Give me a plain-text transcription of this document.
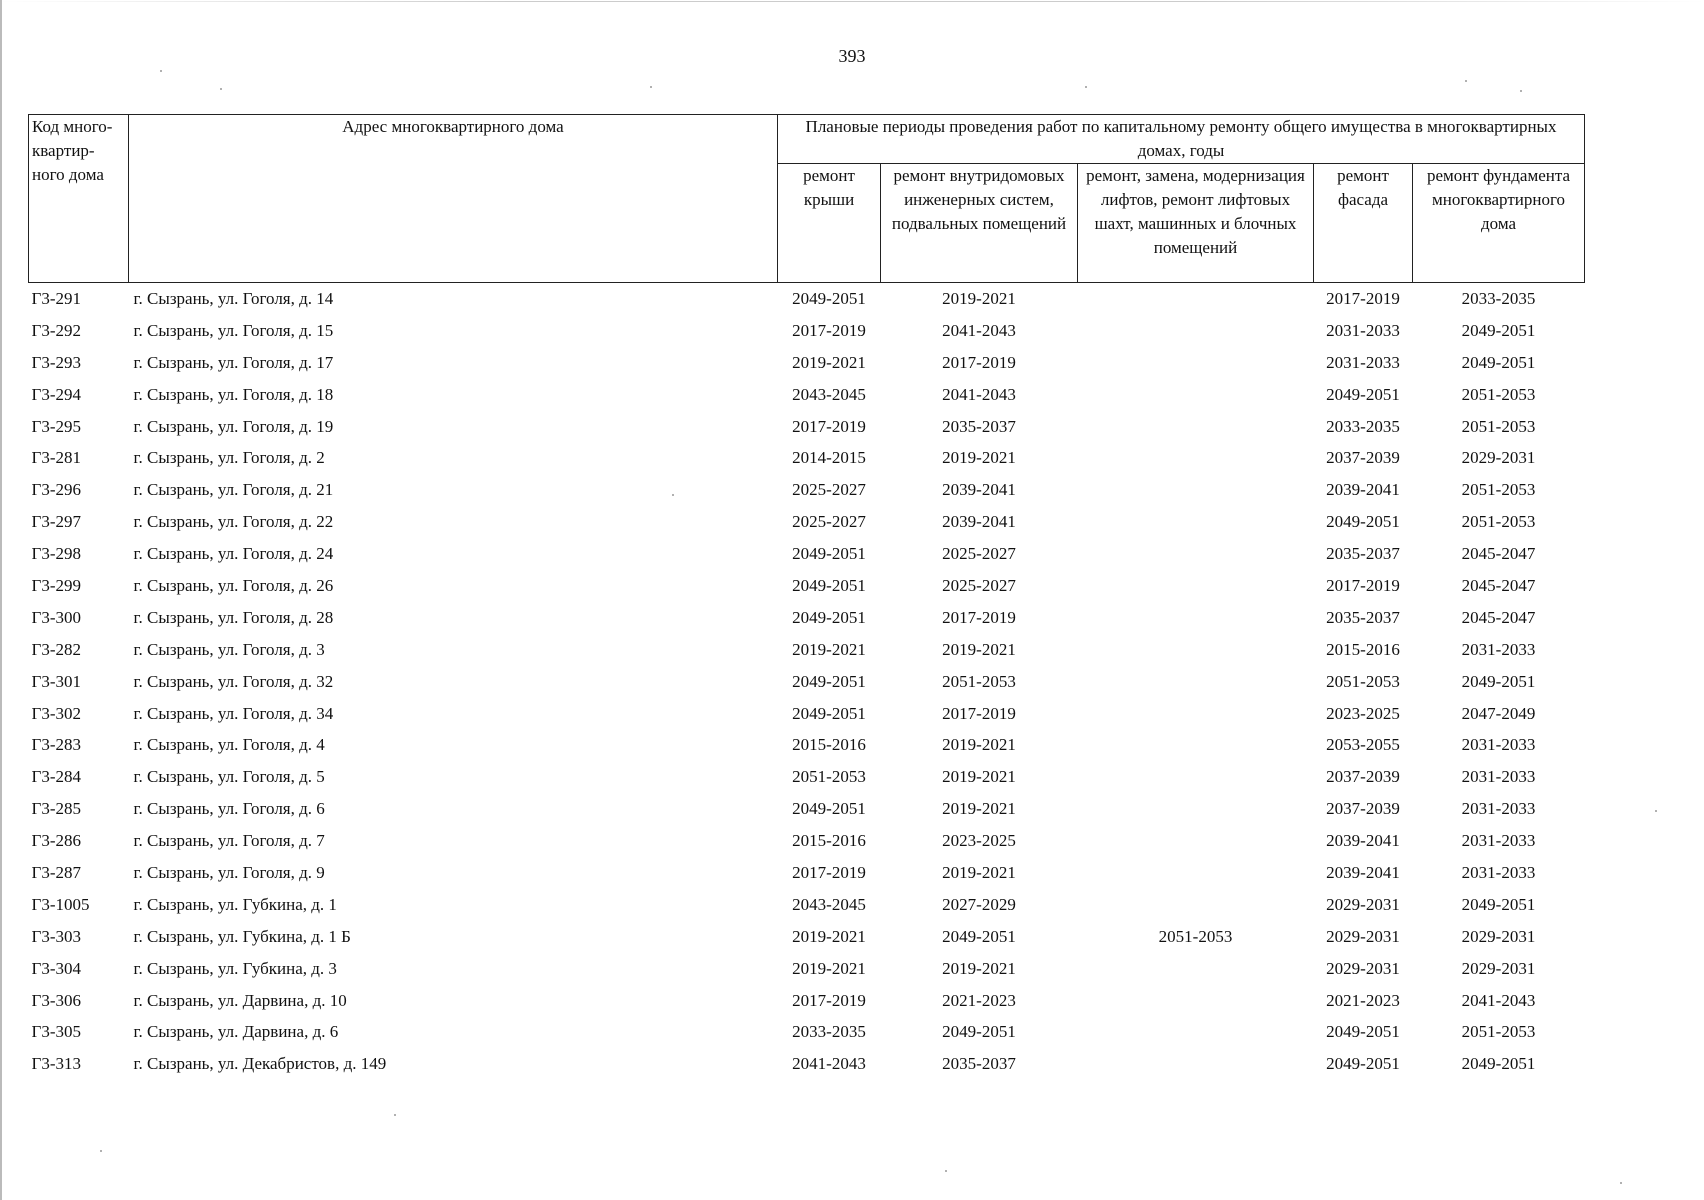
393
Код много-квартир-ного дома	Адрес многоквартирного дома	Плановые периоды проведения работ по капитальному ремонту общего имущества в многоквартирных домах, годы				
		ремонт крыши	ремонт внутридомовых инженерных систем, подвальных помещений	ремонт, замена, модернизация лифтов, ремонт лифтовых шахт, машинных и блочных помещений	ремонт фасада	ремонт фундамента многоквартирного дома
Г3-291	г. Сызрань, ул. Гоголя, д. 14	2049-2051	2019-2021		2017-2019	2033-2035
Г3-292	г. Сызрань, ул. Гоголя, д. 15	2017-2019	2041-2043		2031-2033	2049-2051
Г3-293	г. Сызрань, ул. Гоголя, д. 17	2019-2021	2017-2019		2031-2033	2049-2051
Г3-294	г. Сызрань, ул. Гоголя, д. 18	2043-2045	2041-2043		2049-2051	2051-2053
Г3-295	г. Сызрань, ул. Гоголя, д. 19	2017-2019	2035-2037		2033-2035	2051-2053
Г3-281	г. Сызрань, ул. Гоголя, д. 2	2014-2015	2019-2021		2037-2039	2029-2031
Г3-296	г. Сызрань, ул. Гоголя, д. 21	2025-2027	2039-2041		2039-2041	2051-2053
Г3-297	г. Сызрань, ул. Гоголя, д. 22	2025-2027	2039-2041		2049-2051	2051-2053
Г3-298	г. Сызрань, ул. Гоголя, д. 24	2049-2051	2025-2027		2035-2037	2045-2047
Г3-299	г. Сызрань, ул. Гоголя, д. 26	2049-2051	2025-2027		2017-2019	2045-2047
Г3-300	г. Сызрань, ул. Гоголя, д. 28	2049-2051	2017-2019		2035-2037	2045-2047
Г3-282	г. Сызрань, ул. Гоголя, д. 3	2019-2021	2019-2021		2015-2016	2031-2033
Г3-301	г. Сызрань, ул. Гоголя, д. 32	2049-2051	2051-2053		2051-2053	2049-2051
Г3-302	г. Сызрань, ул. Гоголя, д. 34	2049-2051	2017-2019		2023-2025	2047-2049
Г3-283	г. Сызрань, ул. Гоголя, д. 4	2015-2016	2019-2021		2053-2055	2031-2033
Г3-284	г. Сызрань, ул. Гоголя, д. 5	2051-2053	2019-2021		2037-2039	2031-2033
Г3-285	г. Сызрань, ул. Гоголя, д. 6	2049-2051	2019-2021		2037-2039	2031-2033
Г3-286	г. Сызрань, ул. Гоголя, д. 7	2015-2016	2023-2025		2039-2041	2031-2033
Г3-287	г. Сызрань, ул. Гоголя, д. 9	2017-2019	2019-2021		2039-2041	2031-2033
Г3-1005	г. Сызрань, ул. Губкина, д. 1	2043-2045	2027-2029		2029-2031	2049-2051
Г3-303	г. Сызрань, ул. Губкина, д. 1 Б	2019-2021	2049-2051	2051-2053	2029-2031	2029-2031
Г3-304	г. Сызрань, ул. Губкина, д. 3	2019-2021	2019-2021		2029-2031	2029-2031
Г3-306	г. Сызрань, ул. Дарвина, д. 10	2017-2019	2021-2023		2021-2023	2041-2043
Г3-305	г. Сызрань, ул. Дарвина, д. 6	2033-2035	2049-2051		2049-2051	2051-2053
Г3-313	г. Сызрань, ул. Декабристов, д. 149	2041-2043	2035-2037		2049-2051	2049-2051
